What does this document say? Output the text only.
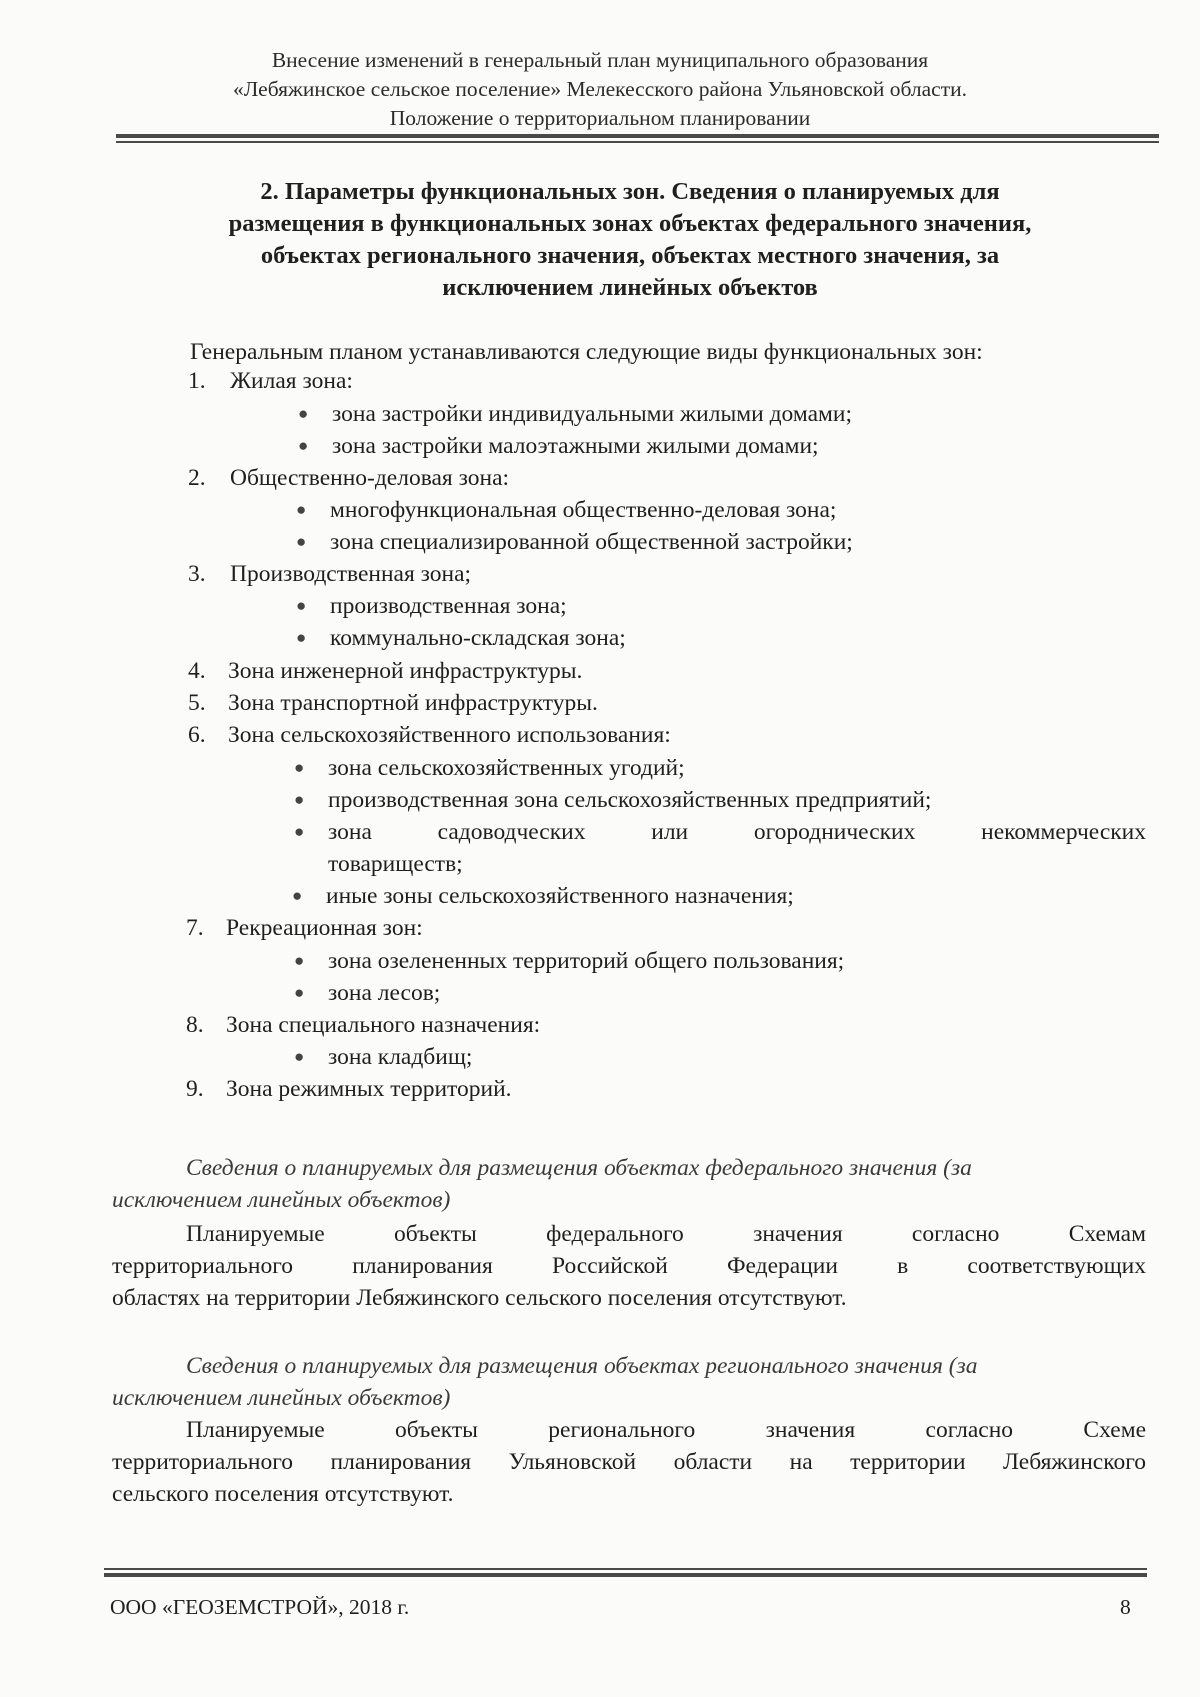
Внесение изменений в генеральный план муниципального образования
«Лебяжинское сельское поселение» Мелекесского района Ульяновской области.
Положение о территориальном планировании
2. Параметры функциональных зон. Сведения о планируемых для
размещения в функциональных зонах объектах федерального значения,
объектах регионального значения, объектах местного значения, за
исключением линейных объектов
Генеральным планом устанавливаются следующие виды функциональных зон:
1. Жилая зона:
● зона застройки индивидуальными жилыми домами;
● зона застройки малоэтажными жилыми домами;
2. Общественно-деловая зона:
● многофункциональная общественно-деловая зона;
● зона специализированной общественной застройки;
3. Производственная зона;
● производственная зона;
● коммунально-складская зона;
4. Зона инженерной инфраструктуры.
5. Зона транспортной инфраструктуры.
6. Зона сельскохозяйственного использования:
● зона сельскохозяйственных угодий;
● производственная зона сельскохозяйственных предприятий;
● зона садоводческих или огороднических некоммерческих
товариществ;
● иные зоны сельскохозяйственного назначения;
7. Рекреационная зон:
● зона озелененных территорий общего пользования;
● зона лесов;
8. Зона специального назначения:
● зона кладбищ;
9. Зона режимных территорий.
Сведения о планируемых для размещения объектах федерального значения (за
исключением линейных объектов)
Планируемые объекты федерального значения согласно Схемам
территориального планирования Российской Федерации в соответствующих
областях на территории Лебяжинского сельского поселения отсутствуют.
Сведения о планируемых для размещения объектах регионального значения (за
исключением линейных объектов)
Планируемые объекты регионального значения согласно Схеме
территориального планирования Ульяновской области на территории Лебяжинского
сельского поселения отсутствуют.
ООО «ГЕОЗЕМСТРОЙ», 2018 г.	8
